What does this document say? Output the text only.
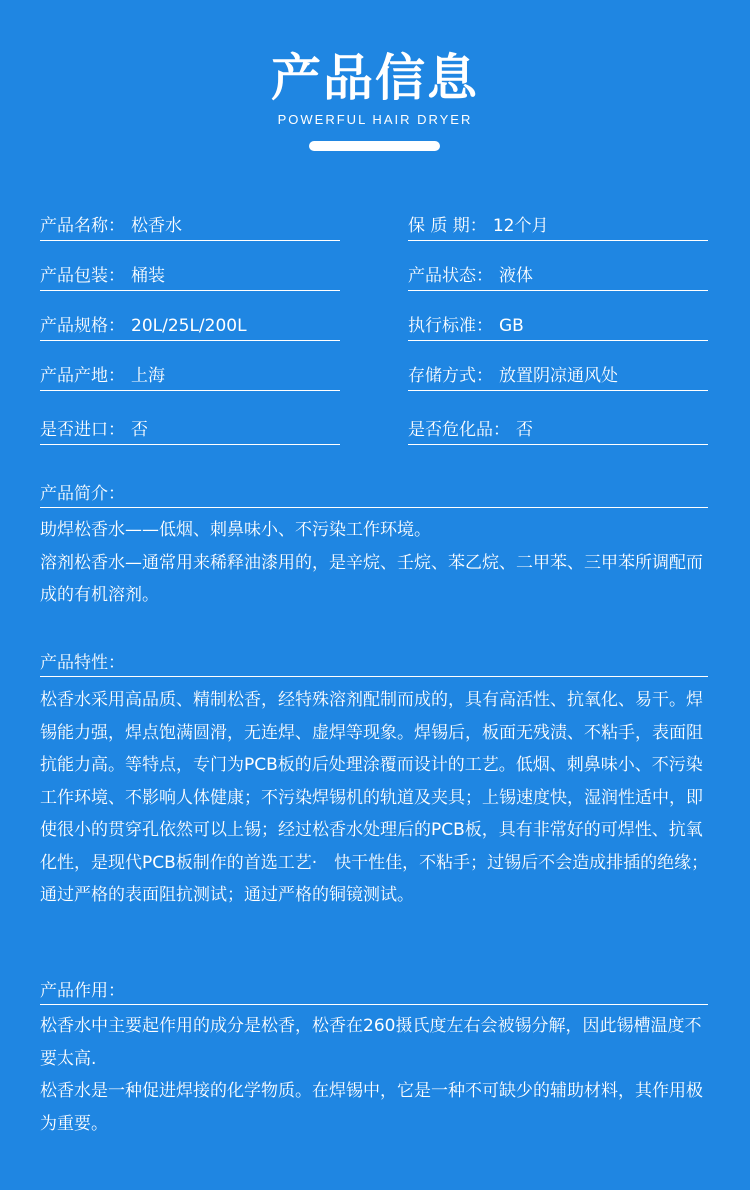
产品信息
POWERFUL HAIR DRYER
产品名称： 松香水	保 质 期： 12个月
产品包装： 桶装	产品状态： 液体
产品规格： 20L/25L/200L	执行标准： GB
产品产地： 上海	存储方式： 放置阴凉通风处
是否进口： 否	是否危化品： 否
产品简介：

助焊松香水——低烟、刺鼻味小、不污染工作环境。

溶剂松香水—通常用来稀释油漆用的，是辛烷、壬烷、苯乙烷、二甲苯、三甲苯所调配而成的有机溶剂。

产品特性：

松香水采用高品质、精制松香，经特殊溶剂配制而成的，具有高活性、抗氧化、易干。焊锡能力强，焊点饱满圆滑，无连焊、虚焊等现象。焊锡后，板面无残渍、不粘手，表面阻抗能力高。等特点，专门为PCB板的后处理涂覆而设计的工艺。低烟、刺鼻味小、不污染工作环境、不影响人体健康；不污染焊锡机的轨道及夹具；上锡速度快，湿润性适中，即使很小的贯穿孔依然可以上锡；经过松香水处理后的PCB板，具有非常好的可焊性、抗氧化性，是现代PCB板制作的首选工艺·　快干性佳，不粘手；过锡后不会造成排插的绝缘；通过严格的表面阻抗测试；通过严格的铜镜测试。

产品作用：

松香水中主要起作用的成分是松香，松香在260摄氏度左右会被锡分解，因此锡槽温度不要太高.

松香水是一种促进焊接的化学物质。在焊锡中，它是一种不可缺少的辅助材料，其作用极为重要。
